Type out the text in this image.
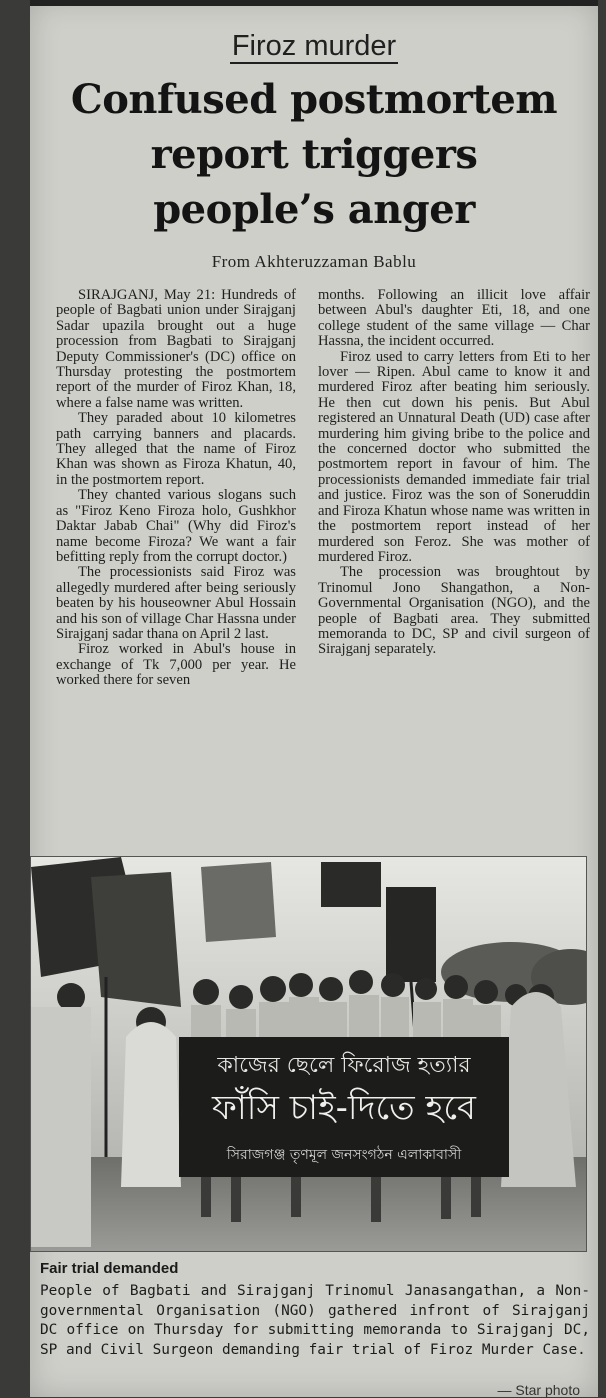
Firoz murder
Confused postmortem
report triggers
people’s anger
From Akhteruzzaman Bablu

SIRAJGANJ, May 21: Hundreds of people of Bagbati union under Sirajganj Sadar upazila brought out a huge procession from Bagbati to Sirajganj Deputy Commissioner's (DC) office on Thursday protesting the postmortem report of the murder of Firoz Khan, 18, where a false name was written.

They paraded about 10 kilometres path carrying banners and placards. They alleged that the name of Firoz Khan was shown as Firoza Khatun, 40, in the postmortem report.

They chanted various slogans such as "Firoz Keno Firoza holo, Gushkhor Daktar Jabab Chai" (Why did Firoz's name become Firoza? We want a fair befitting reply from the corrupt doctor.)

The processionists said Firoz was allegedly murdered after being seriously beaten by his houseowner Abul Hossain and his son of village Char Hassna under Sirajganj sadar thana on April 2 last.

Firoz worked in Abul's house in exchange of Tk 7,000 per year. He worked there for seven

months. Following an illicit love affair between Abul's daughter Eti, 18, and one college student of the same village — Char Hassna, the incident occurred.

Firoz used to carry letters from Eti to her lover — Ripen. Abul came to know it and murdered Firoz after beating him seriously. He then cut down his penis. But Abul registered an Unnatural Death (UD) case after murdering him giving bribe to the police and the concerned doctor who submitted the postmortem report in favour of him. The processionists demanded immediate fair trial and justice. Firoz was the son of Soneruddin and Firoza Khatun whose name was written in the postmortem report instead of her murdered son Feroz. She was mother of murdered Firoz.

The procession was broughtout by Trinomul Jono Shangathon, a Non-Governmental Organisation (NGO), and the people of Bagbati area. They submitted memoranda to DC, SP and civil surgeon of Sirajganj separately.

কাজের ছেলে ফিরোজ হত্যার
ফাঁসি চাই-দিতে হবে
সিরাজগঞ্জ তৃণমূল জনসংগঠন এলাকাবাসী
Fair trial demanded
People of Bagbati and Sirajganj Trinomul Janasangathan, a Non-governmental Organisation (NGO) gathered infront of Sirajganj DC office on Thursday for submitting memoranda to Sirajganj DC, SP and Civil Surgeon demanding fair trial of Firoz Murder Case.
— Star photo
